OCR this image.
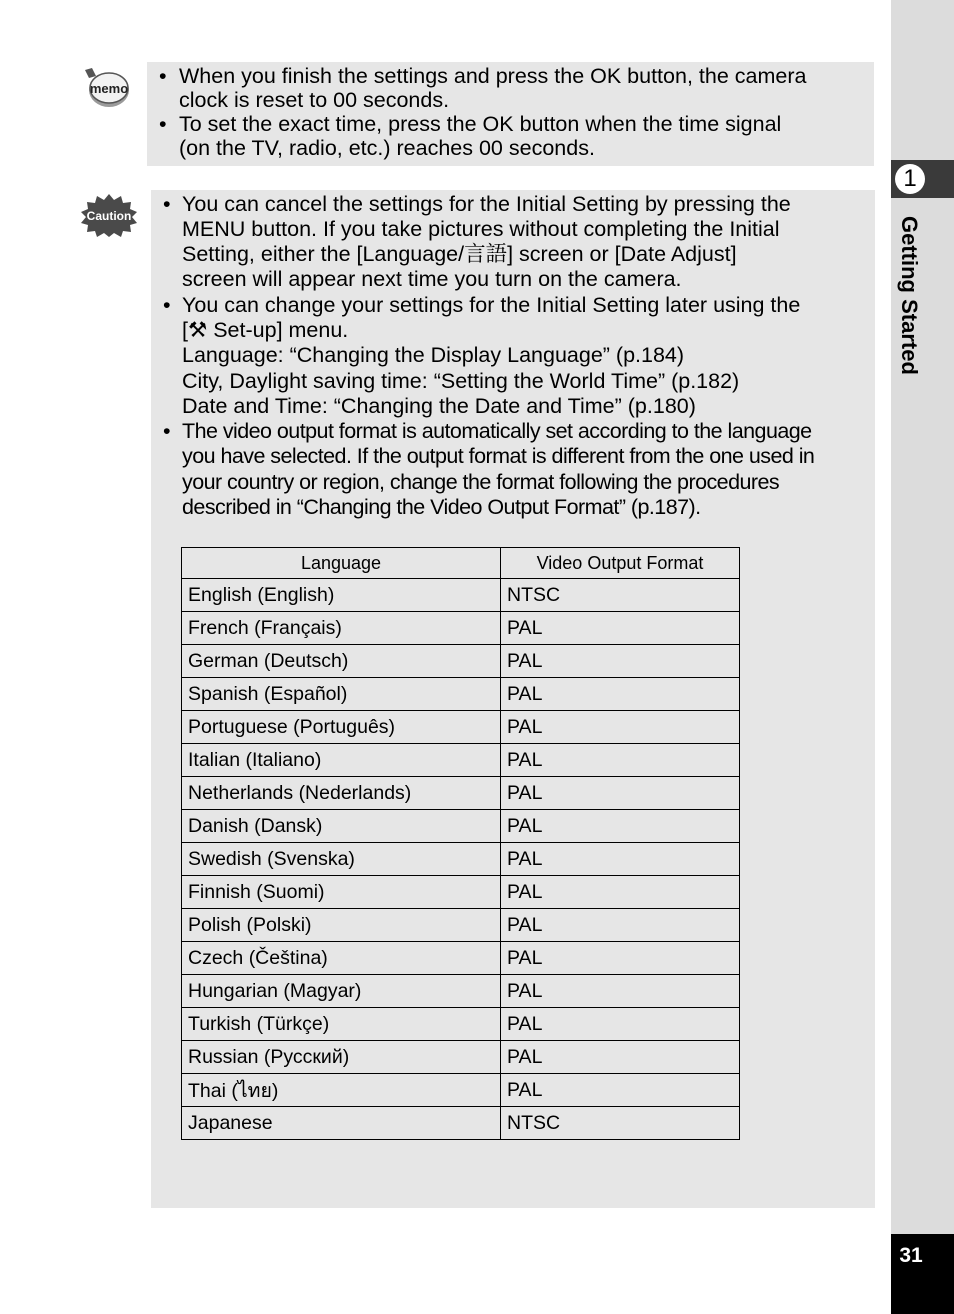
1
Getting Started
31
memo
• When you finish the settings and press the OK button, the camera
clock is reset to 00 seconds.
• To set the exact time, press the OK button when the time signal
(on the TV, radio, etc.) reaches 00 seconds.
Caution • You can cancel the settings for the Initial Setting by pressing the
MENU button. If you take pictures without completing the Initial
Setting, either the [Language/言語] screen or [Date Adjust]
screen will appear next time you turn on the camera.
• You can change your settings for the Initial Setting later using the
[⚒ Set-up] menu.
Language: “Changing the Display Language” (p.184)
City, Daylight saving time: “Setting the World Time” (p.182)
Date and Time: “Changing the Date and Time” (p.180)
• The video output format is automatically set according to the language
you have selected. If the output format is different from the one used in
your country or region, change the format following the procedures
described in “Changing the Video Output Format” (p.187).
Language	Video Output Format
English (English)	NTSC
French (Français)	PAL
German (Deutsch)	PAL
Spanish (Español)	PAL
Portuguese (Português)	PAL
Italian (Italiano)	PAL
Netherlands (Nederlands)	PAL
Danish (Dansk)	PAL
Swedish (Svenska)	PAL
Finnish (Suomi)	PAL
Polish (Polski)	PAL
Czech (Čeština)	PAL
Hungarian (Magyar)	PAL
Turkish (Türkçe)	PAL
Russian (Русский)	PAL
Thai (ไทย)	PAL
Japanese	NTSC
